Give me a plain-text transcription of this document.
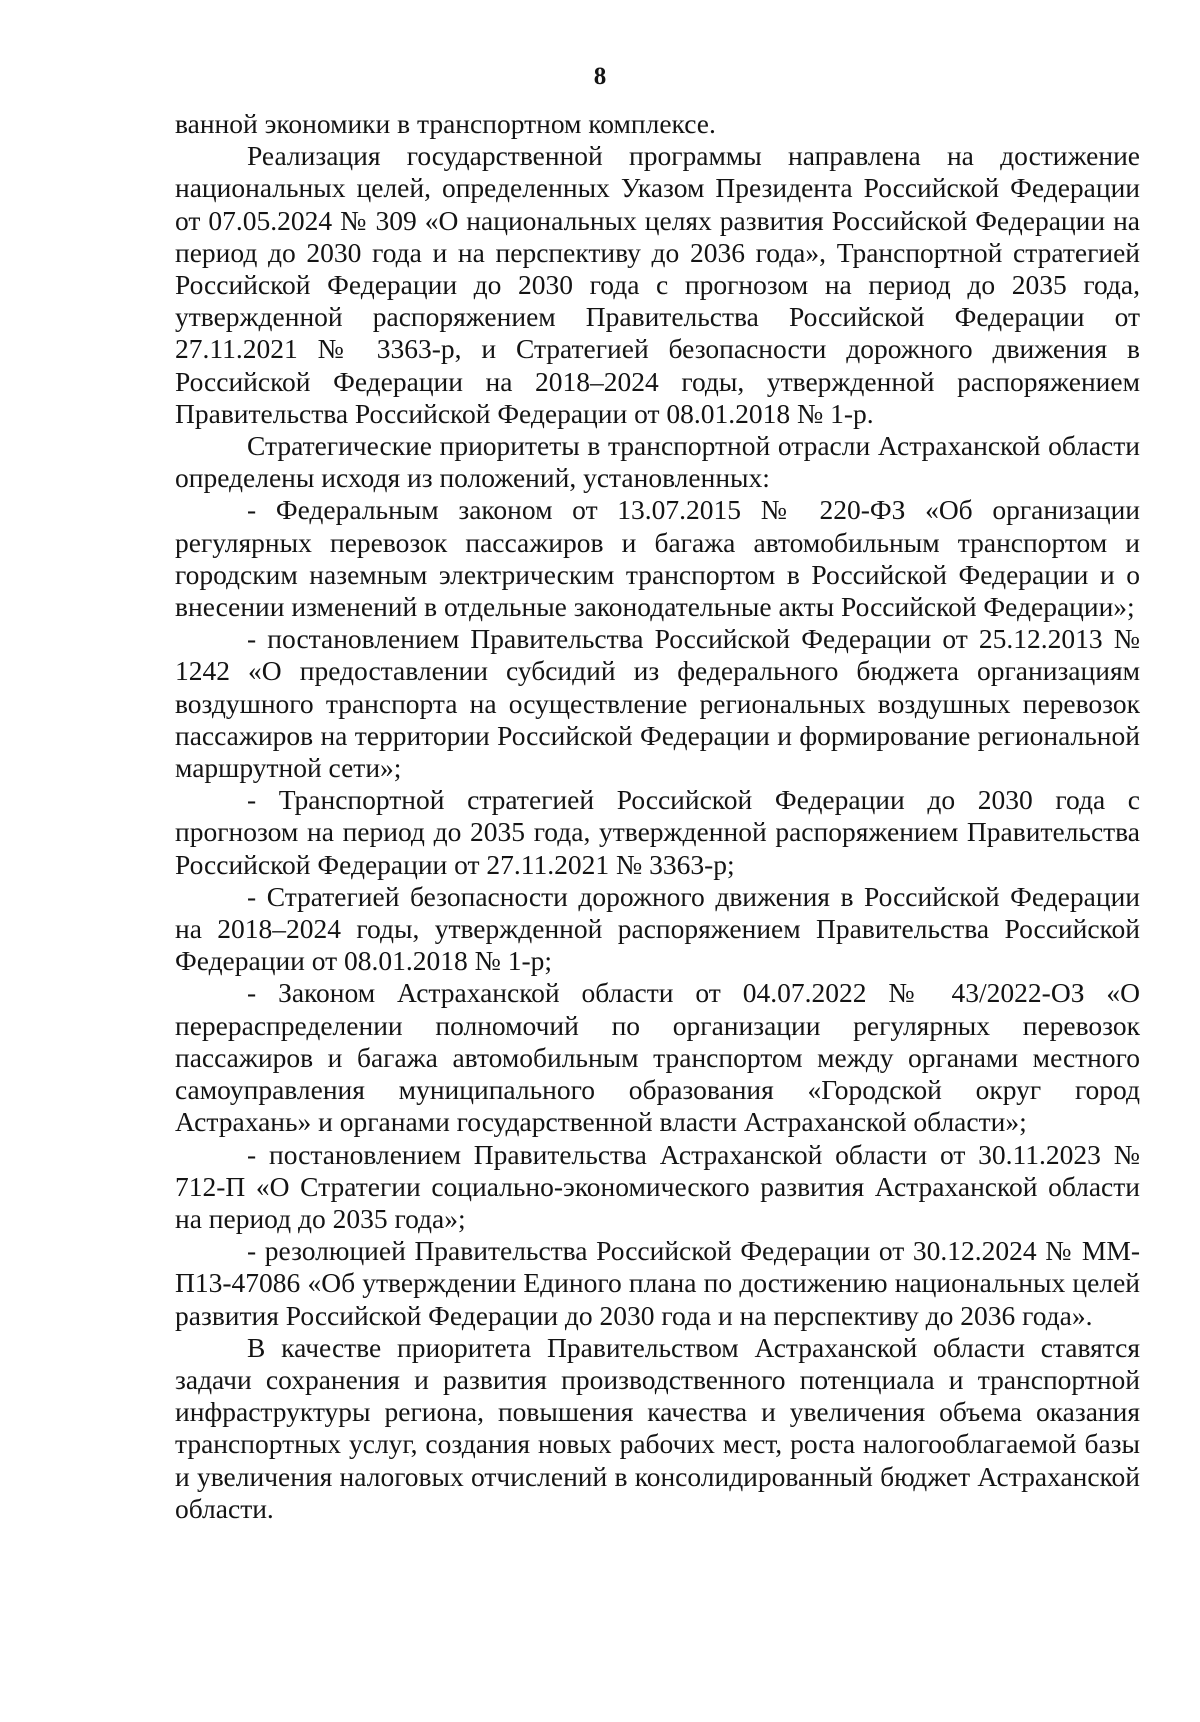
8

ванной экономики в транспортном комплексе.

Реализация государственной программы направлена на достижение национальных целей, определенных Указом Президента Российской Федерации от 07.05.2024 № 309 «О национальных целях развития Российской Федерации на период до 2030 года и на перспективу до 2036 года», Транспортной стратегией Российской Федерации до 2030 года с прогнозом на период до 2035 года, утвержденной распоряжением Правительства Российской Федерации от 27.11.2021 № 3363-р, и Стратегией безопасности дорожного движения в Российской Федерации на 2018–2024 годы, утвержденной распоряжением Правительства Российской Федерации от 08.01.2018 № 1-р.

Стратегические приоритеты в транспортной отрасли Астраханской области определены исходя из положений, установленных:

- Федеральным законом от 13.07.2015 № 220-ФЗ «Об организации регулярных перевозок пассажиров и багажа автомобильным транспортом и городским наземным электрическим транспортом в Российской Федерации и о внесении изменений в отдельные законодательные акты Российской Федерации»;

- постановлением Правительства Российской Федерации от 25.12.2013 № 1242 «О предоставлении субсидий из федерального бюджета организациям воздушного транспорта на осуществление региональных воздушных перевозок пассажиров на территории Российской Федерации и формирование региональной маршрутной сети»;

- Транспортной стратегией Российской Федерации до 2030 года с прогнозом на период до 2035 года, утвержденной распоряжением Правительства Российской Федерации от 27.11.2021 № 3363-р;

- Стратегией безопасности дорожного движения в Российской Федерации на 2018–2024 годы, утвержденной распоряжением Правительства Российской Федерации от 08.01.2018 № 1-р;

- Законом Астраханской области от 04.07.2022 № 43/2022-ОЗ «О перераспределении полномочий по организации регулярных перевозок пассажиров и багажа автомобильным транспортом между органами местного самоуправления муниципального образования «Городской округ город Астрахань» и органами государственной власти Астраханской области»;

- постановлением Правительства Астраханской области от 30.11.2023 № 712-П «О Стратегии социально-экономического развития Астраханской области на период до 2035 года»;

- резолюцией Правительства Российской Федерации от 30.12.2024 № ММ-П13-47086 «Об утверждении Единого плана по достижению национальных целей развития Российской Федерации до 2030 года и на перспективу до 2036 года».

В качестве приоритета Правительством Астраханской области ставятся задачи сохранения и развития производственного потенциала и транспортной инфраструктуры региона, повышения качества и увеличения объема оказания транспортных услуг, создания новых рабочих мест, роста налогооблагаемой базы и увеличения налоговых отчислений в консолидированный бюджет Астраханской области.
